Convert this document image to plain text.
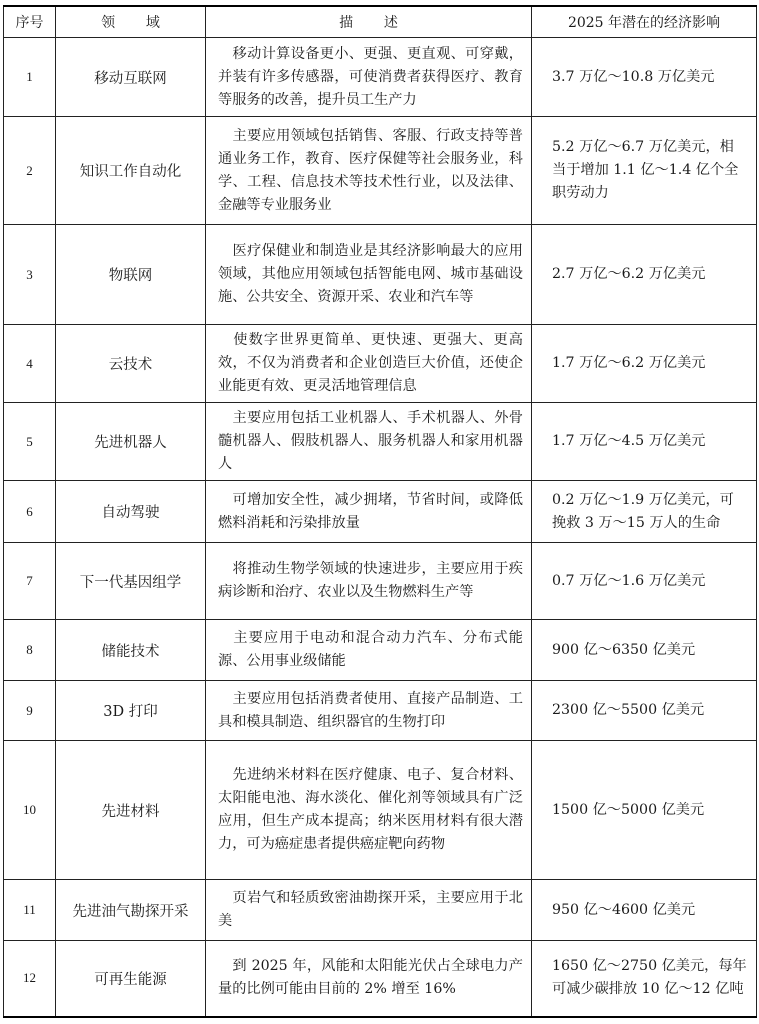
序号	领域	描述	2025 年潜在的经济影响
1	移动互联网	移动计算设备更小、更强、更直观、可穿戴，并装有许多传感器，可使消费者获得医疗、教育等服务的改善，提升员工生产力	3.7 万亿～10.8 万亿美元
2	知识工作自动化	主要应用领域包括销售、客服、行政支持等普通业务工作，教育、医疗保健等社会服务业，科学、工程、信息技术等技术性行业，以及法律、金融等专业服务业	5.2 万亿～6.7 万亿美元，相当于增加 1.1 亿～1.4 亿个全职劳动力
3	物联网	医疗保健业和制造业是其经济影响最大的应用领域，其他应用领域包括智能电网、城市基础设施、公共安全、资源开采、农业和汽车等	2.7 万亿～6.2 万亿美元
4	云技术	使数字世界更简单、更快速、更强大、更高效，不仅为消费者和企业创造巨大价值，还使企业能更有效、更灵活地管理信息	1.7 万亿～6.2 万亿美元
5	先进机器人	主要应用包括工业机器人、手术机器人、外骨髓机器人、假肢机器人、服务机器人和家用机器人	1.7 万亿～4.5 万亿美元
6	自动驾驶	可增加安全性，减少拥堵，节省时间，或降低燃料消耗和污染排放量	0.2 万亿～1.9 万亿美元，可挽救 3 万～15 万人的生命
7	下一代基因组学	将推动生物学领域的快速进步，主要应用于疾病诊断和治疗、农业以及生物燃料生产等	0.7 万亿～1.6 万亿美元
8	储能技术	主要应用于电动和混合动力汽车、分布式能源、公用事业级储能	900 亿～6350 亿美元
9	3D 打印	主要应用包括消费者使用、直接产品制造、工具和模具制造、组织器官的生物打印	2300 亿～5500 亿美元
10	先进材料	先进纳米材料在医疗健康、电子、复合材料、太阳能电池、海水淡化、催化剂等领域具有广泛应用，但生产成本提高；纳米医用材料有很大潜力，可为癌症患者提供癌症靶向药物	1500 亿～5000 亿美元
11	先进油气勘探开采	页岩气和轻质致密油勘探开采，主要应用于北美	950 亿～4600 亿美元
12	可再生能源	到 2025 年，风能和太阳能光伏占全球电力产量的比例可能由目前的 2% 增至 16%	1650 亿～2750 亿美元，每年可减少碳排放 10 亿～12 亿吨
